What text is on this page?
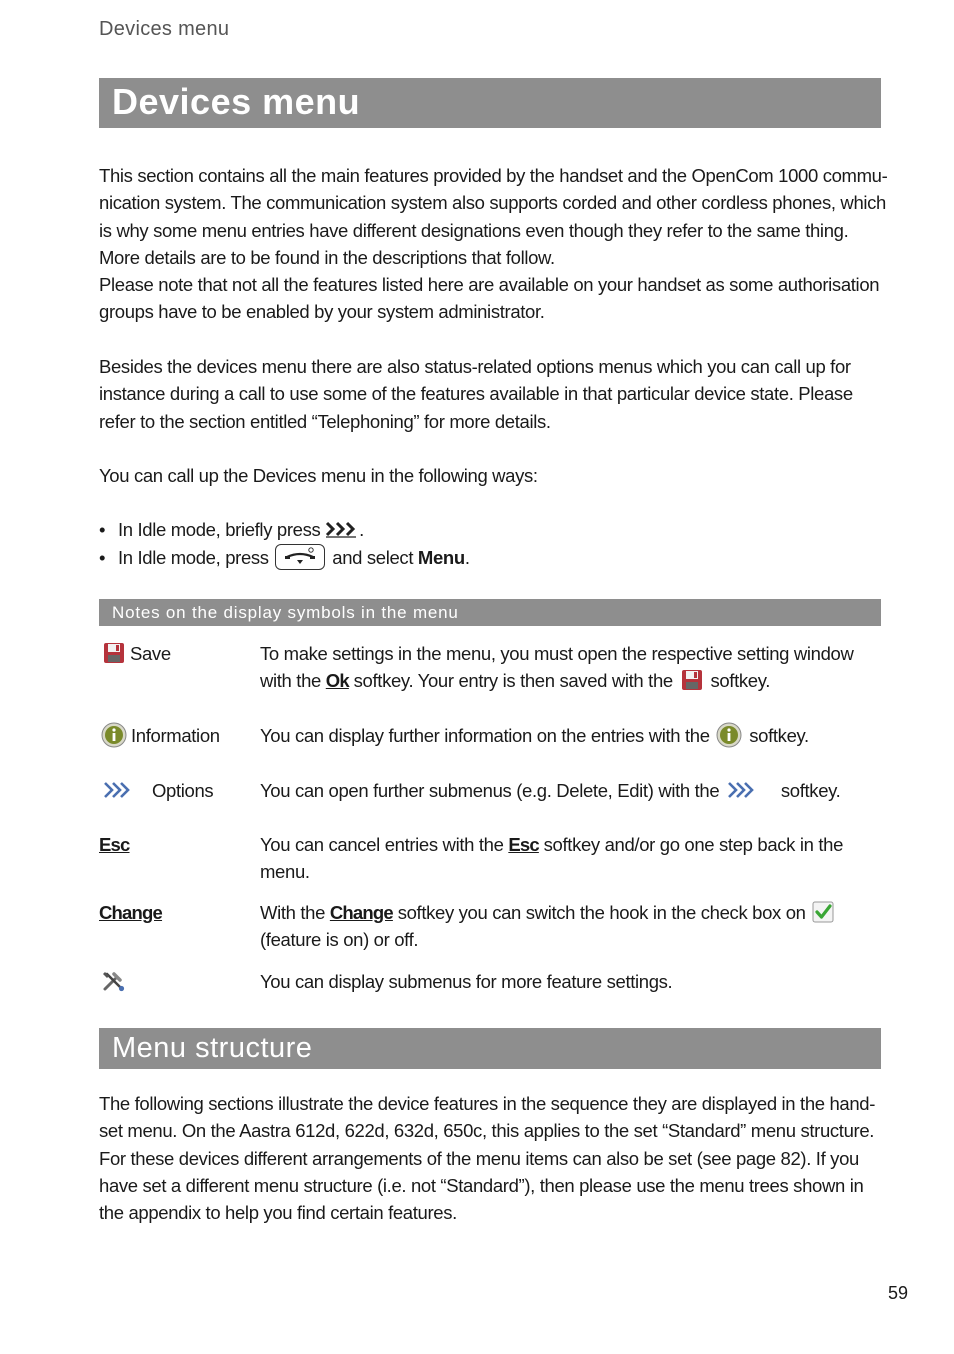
Devices menu
Devices menu

This section contains all the main features provided by the handset and the OpenCom 1000 commu-

nication system. The communication system also supports corded and other cordless phones, which

is why some menu entries have different designations even though they refer to the same thing.

More details are to be found in the descriptions that follow.

Please note that not all the features listed here are available on your handset as some authorisation

groups have to be enabled by your system administrator.

Besides the devices menu there are also status-related options menus which you can call up for

instance during a call to use some of the features available in that particular device state. Please

refer to the section entitled “Telephoning” for more details.

You can call up the Devices menu in the following ways:

• In Idle mode, briefly press .
• In Idle mode, press	and select Menu.
Notes on the display symbols in the menu
Save	To make settings in the menu, you must open the respective setting window
with the Ok softkey. Your entry is then saved with the softkey.
Information	You can display further information on the entries with the softkey.
Options	You can open further submenus (e.g. Delete, Edit) with the	softkey.
Esc	You can cancel entries with the Esc softkey and/or go one step back in the
menu.
Change	With the Change softkey you can switch the hook in the check box on
(feature is on) or off.
You can display submenus for more feature settings.
Menu structure

The following sections illustrate the device features in the sequence they are displayed in the hand-

set menu. On the Aastra 612d, 622d, 632d, 650c, this applies to the set “Standard” menu structure.

For these devices different arrangements of the menu items can also be set (see page 82). If you

have set a different menu structure (i.e. not “Standard”), then please use the menu trees shown in

the appendix to help you find certain features.

59
